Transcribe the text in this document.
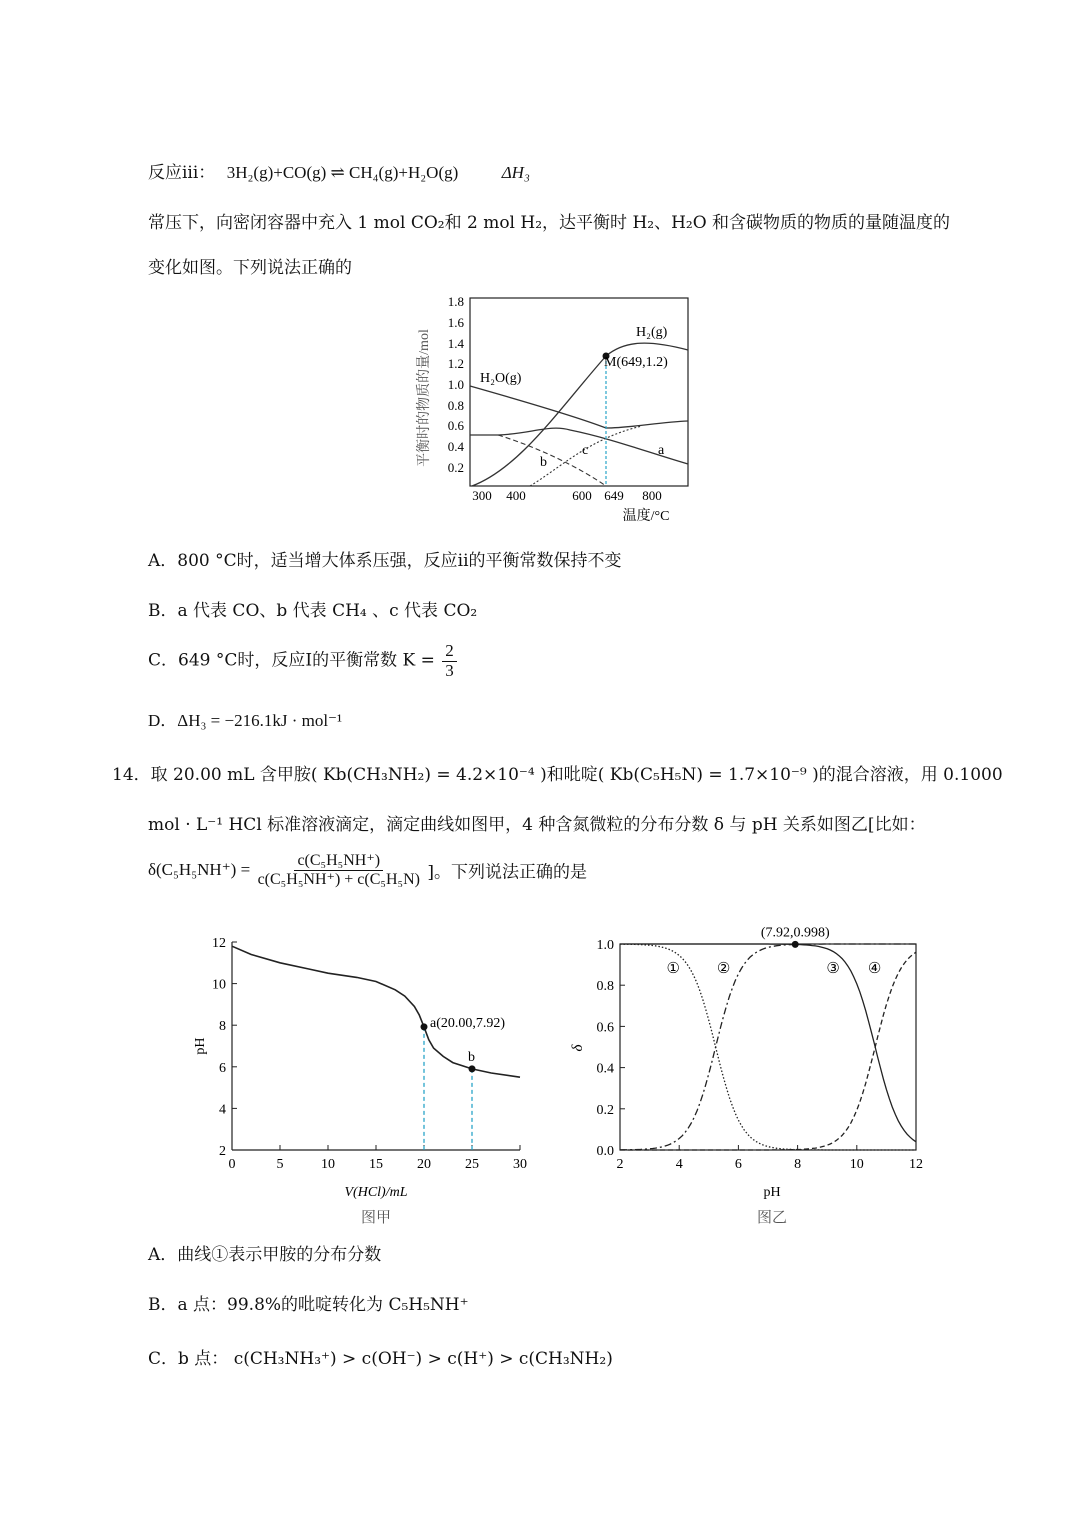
反应iii： 3H₂(g)+CO(g) ⇌ CH₄(g)+H₂O(g)	ΔH₃
常压下，向密闭容器中充入 1 mol CO₂和 2 mol H₂，达平衡时 H₂、H₂O 和含碳物质的物质的量随温度的
变化如图。下列说法正确的
平衡时的物质的量/mol
1.8
1.6
1.4
1.2
1.0
0.8
0.6
0.4
0.2
300 400	600 649 800
温度/°C
H₂(g)
H₂O(g)
M(649,1.2)
a
b
c
A．800 °C时，适当增大体系压强，反应ii的平衡常数保持不变
B．a 代表 CO、b 代表 CH₄ 、c 代表 CO₂
C．649 °C时，反应I的平衡常数 $K = \frac{2}{3}$
D．ΔH₃ = −216.1kJ · mol⁻¹
14．取 20.00 mL 含甲胺( Kb(CH₃NH₂) = 4.2×10⁻⁴ )和吡啶( Kb(C₅H₅N) = 1.7×10⁻⁹ )的混合溶液，用 0.1000
mol · L⁻¹ HCl 标准溶液滴定，滴定曲线如图甲，4 种含氮微粒的分布分数 δ 与 pH 关系如图乙[比如：
$\delta(C_5H_5NH^+) = \frac{\text{c(C₅H₅NH⁺)}}{\text{c(C₅H₅NH⁺) + c(C₅H₅N)}}$ ]。下列说法正确的是
0	5	10 15 20 25 30
2
4
6
8
10
12
a(20.00,7.92)
b
V(HCl)/mL
pH
图甲
2	4	6	8	10	12
0.0
0.2
0.4
0.6
0.8
1.0
① ②	③ ④
(7.92,0.998)
pH
δ
图乙
A．曲线①表示甲胺的分布分数
B．a 点：99.8%的吡啶转化为 C₅H₅NH⁺
C．b 点： c(CH₃NH₃⁺) > c(OH⁻) > c(H⁺) > c(CH₃NH₂)
